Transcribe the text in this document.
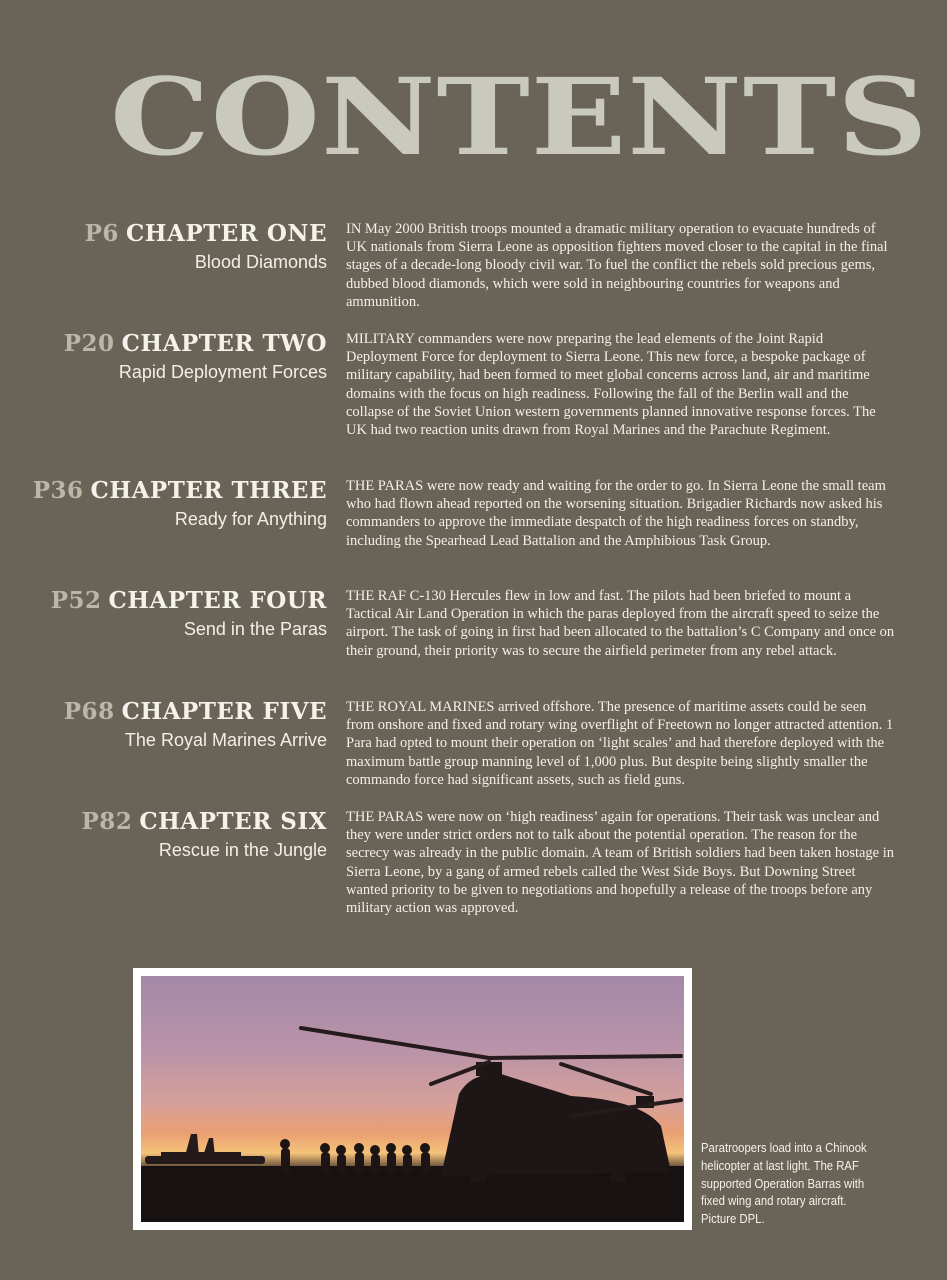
CONTENTS
P6 CHAPTER ONE
Blood Diamonds

IN May 2000 British troops mounted a dramatic military operation to evacuate hundreds of UK nationals from Sierra Leone as opposition fighters moved closer to the capital in the final stages of a decade-long bloody civil war. To fuel the conflict the rebels sold precious gems, dubbed blood diamonds, which were sold in neighbouring countries for weapons and ammunition.

P20 CHAPTER TWO
Rapid Deployment Forces

MILITARY commanders were now preparing the lead elements of the Joint Rapid Deployment Force for deployment to Sierra Leone. This new force, a bespoke package of military capability, had been formed to meet global concerns across land, air and maritime domains with the focus on high readiness. Following the fall of the Berlin wall and the collapse of the Soviet Union western governments planned innovative response forces. The UK had two reaction units drawn from Royal Marines and the Parachute Regiment.

P36 CHAPTER THREE
Ready for Anything

THE PARAS were now ready and waiting for the order to go. In Sierra Leone the small team who had flown ahead reported on the worsening situation. Brigadier Richards now asked his commanders to approve the immediate despatch of the high readiness forces on standby, including the Spearhead Lead Battalion and the Amphibious Task Group.

P52 CHAPTER FOUR
Send in the Paras

THE RAF C-130 Hercules flew in low and fast. The pilots had been briefed to mount a Tactical Air Land Operation in which the paras deployed from the aircraft speed to seize the airport. The task of going in first had been allocated to the battalion’s C Company and once on their ground, their priority was to secure the airfield perimeter from any rebel attack.

P68 CHAPTER FIVE
The Royal Marines Arrive

THE ROYAL MARINES arrived offshore. The presence of maritime assets could be seen from onshore and fixed and rotary wing overflight of Freetown no longer attracted attention. 1 Para had opted to mount their operation on ‘light scales’ and had therefore deployed with the maximum battle group manning level of 1,000 plus. But despite being slightly smaller the commando force had significant assets, such as field guns.

P82 CHAPTER SIX
Rescue in the Jungle

THE PARAS were now on ‘high readiness’ again for operations. Their task was unclear and they were under strict orders not to talk about the potential operation. The reason for the secrecy was already in the public domain. A team of British soldiers had been taken hostage in Sierra Leone, by a gang of armed rebels called the West Side Boys. But Downing Street wanted priority to be given to negotiations and hopefully a release of the troops before any military action was approved.

Paratroopers load into a Chinook helicopter at last light. The RAF supported Operation Barras with fixed wing and rotary aircraft. Picture DPL.
